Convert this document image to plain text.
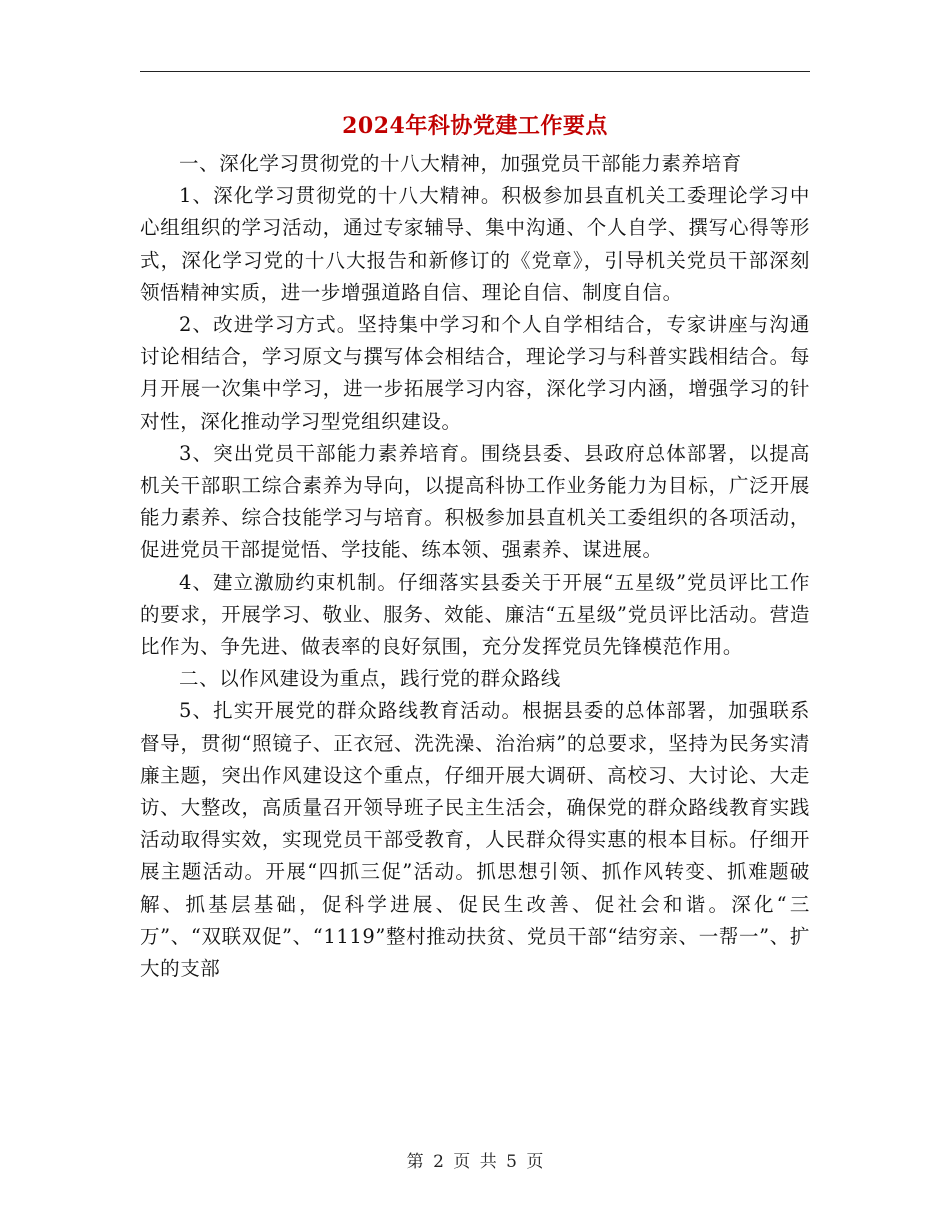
2024年科协党建工作要点

一、深化学习贯彻党的十八大精神，加强党员干部能力素养培育

1、深化学习贯彻党的十八大精神。积极参加县直机关工委理论学习中心组组织的学习活动，通过专家辅导、集中沟通、个人自学、撰写心得等形式，深化学习党的十八大报告和新修订的《党章》，引导机关党员干部深刻领悟精神实质，进一步增强道路自信、理论自信、制度自信。

2、改进学习方式。坚持集中学习和个人自学相结合，专家讲座与沟通讨论相结合，学习原文与撰写体会相结合，理论学习与科普实践相结合。每月开展一次集中学习，进一步拓展学习内容，深化学习内涵，增强学习的针对性，深化推动学习型党组织建设。

3、突出党员干部能力素养培育。围绕县委、县政府总体部署，以提高机关干部职工综合素养为导向，以提高科协工作业务能力为目标，广泛开展能力素养、综合技能学习与培育。积极参加县直机关工委组织的各项活动，促进党员干部提觉悟、学技能、练本领、强素养、谋进展。

4、建立激励约束机制。仔细落实县委关于开展“五星级”党员评比工作的要求，开展学习、敬业、服务、效能、廉洁“五星级”党员评比活动。营造比作为、争先进、做表率的良好氛围，充分发挥党员先锋模范作用。

二、以作风建设为重点，践行党的群众路线

5、扎实开展党的群众路线教育活动。根据县委的总体部署，加强联系督导，贯彻“照镜子、正衣冠、洗洗澡、治治病”的总要求，坚持为民务实清廉主题，突出作风建设这个重点，仔细开展大调研、高校习、大讨论、大走访、大整改，高质量召开领导班子民主生活会，确保党的群众路线教育实践活动取得实效，实现党员干部受教育，人民群众得实惠的根本目标。仔细开展主题活动。开展“四抓三促”活动。抓思想引领、抓作风转变、抓难题破解、抓基层基础，促科学进展、促民生改善、促社会和谐。深化“三万”、“双联双促”、“1119”整村推动扶贫、党员干部“结穷亲、一帮一”、扩大的支部

第 2 页 共 5 页
